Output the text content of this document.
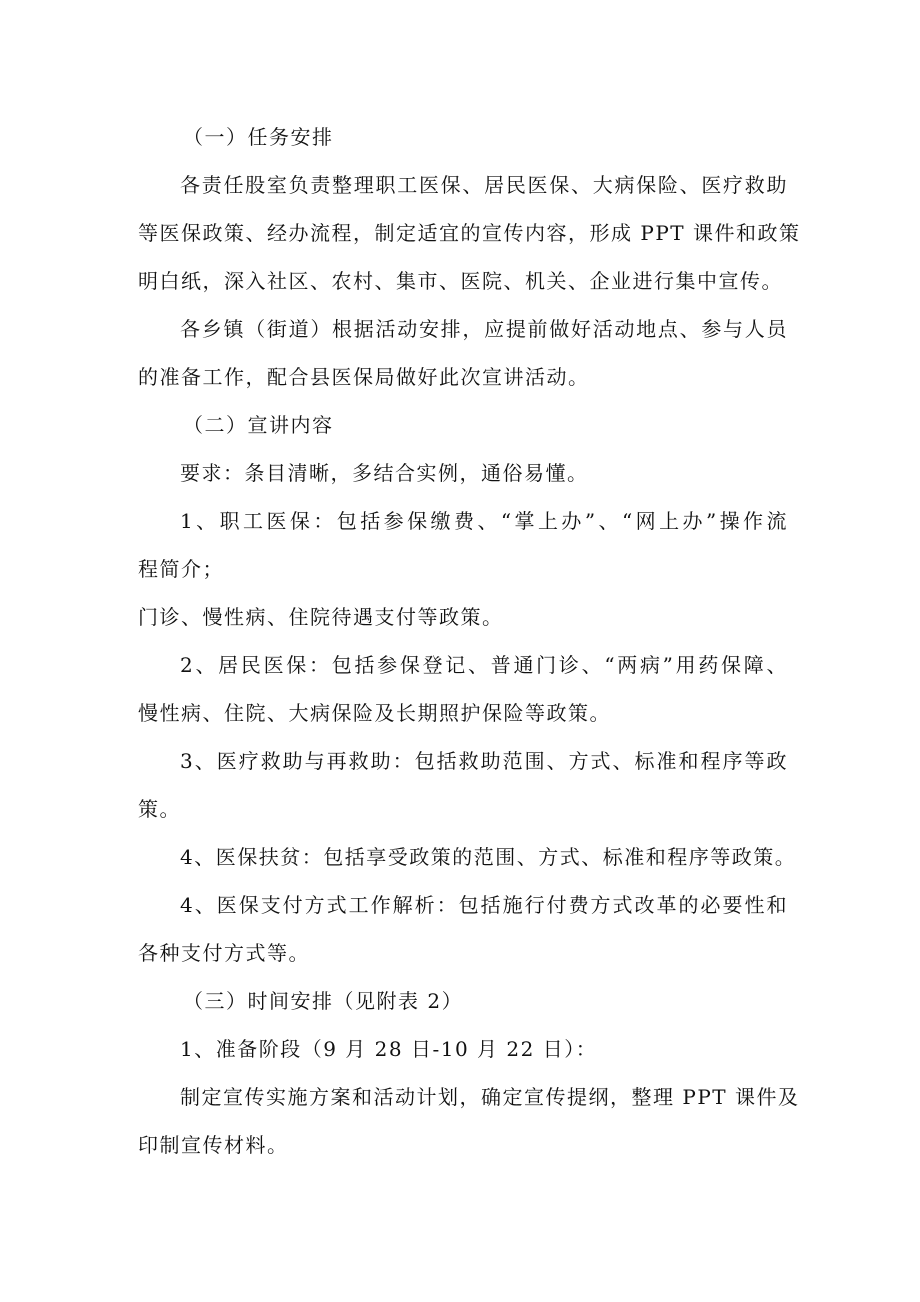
（一）任务安排
各责任股室负责整理职工医保、居民医保、大病保险、医疗救助
等医保政策、经办流程，制定适宜的宣传内容，形成 PPT 课件和政策
明白纸，深入社区、农村、集市、医院、机关、企业进行集中宣传。
各乡镇（街道）根据活动安排，应提前做好活动地点、参与人员
的准备工作，配合县医保局做好此次宣讲活动。
（二）宣讲内容
要求：条目清晰，多结合实例，通俗易懂。
1、职工医保：包括参保缴费、“掌上办”、“网上办”操作流
程简介；
门诊、慢性病、住院待遇支付等政策。
2、居民医保：包括参保登记、普通门诊、“两病”用药保障、
慢性病、住院、大病保险及长期照护保险等政策。
3、医疗救助与再救助：包括救助范围、方式、标准和程序等政
策。
4、医保扶贫：包括享受政策的范围、方式、标准和程序等政策。
4、医保支付方式工作解析：包括施行付费方式改革的必要性和
各种支付方式等。
（三）时间安排（见附表 2）
1、准备阶段（9 月 28 日-10 月 22 日）：
制定宣传实施方案和活动计划，确定宣传提纲，整理 PPT 课件及
印制宣传材料。
